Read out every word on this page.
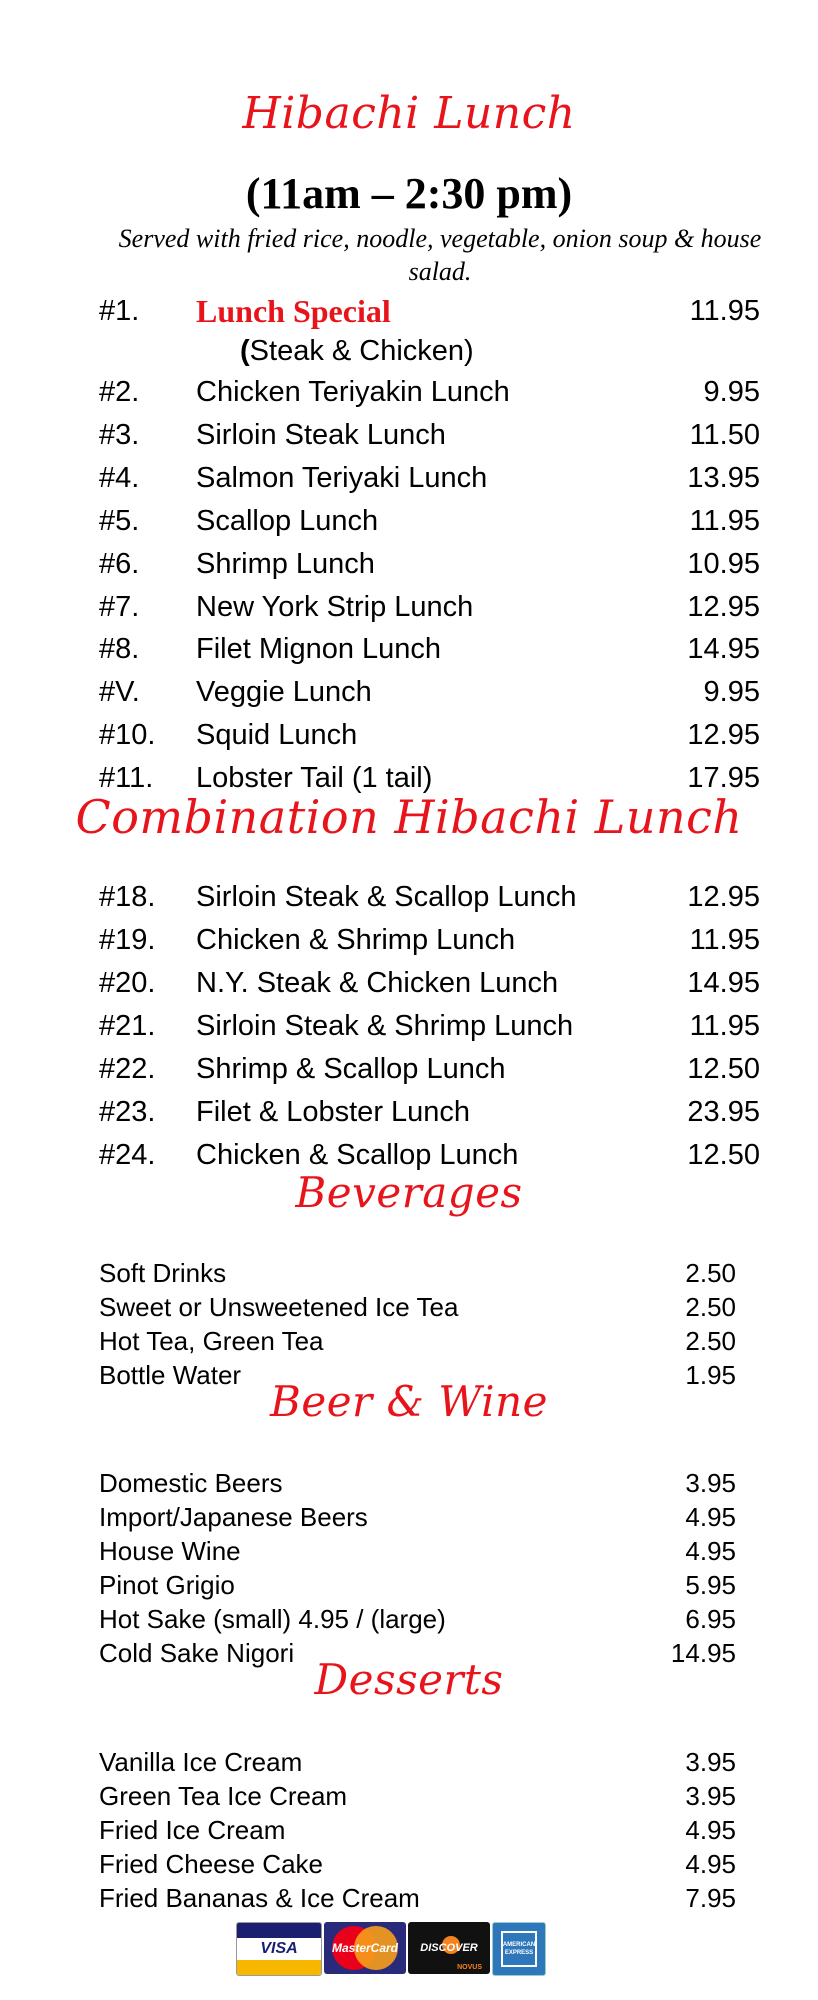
Hibachi Lunch
(11am – 2:30 pm)

Served with fried rice, noodle, vegetable, onion soup & house salad.

#1. Lunch Special	11.95
(Steak & Chicken)
#2. Chicken Teriyakin Lunch	9.95
#3. Sirloin Steak Lunch	11.50
#4. Salmon Teriyaki Lunch	13.95
#5. Scallop Lunch	11.95
#6. Shrimp Lunch	10.95
#7. New York Strip Lunch	12.95
#8. Filet Mignon Lunch	14.95
#V. Veggie Lunch	9.95
#10. Squid Lunch	12.95
#11. Lobster Tail (1 tail)	17.95
Combination Hibachi Lunch
#18. Sirloin Steak & Scallop Lunch	12.95
#19. Chicken & Shrimp Lunch	11.95
#20. N.Y. Steak & Chicken Lunch	14.95
#21. Sirloin Steak & Shrimp Lunch	11.95
#22. Shrimp & Scallop Lunch	12.50
#23. Filet & Lobster Lunch	23.95
#24. Chicken & Scallop Lunch	12.50
Beverages
Soft Drinks	2.50
Sweet or Unsweetened Ice Tea	2.50
Hot Tea, Green Tea	2.50
Bottle Water	1.95
Beer & Wine
Domestic Beers	3.95
Import/Japanese Beers	4.95
House Wine	4.95
Pinot Grigio	5.95
Hot Sake (small) 4.95 / (large)	6.95
Cold Sake Nigori	14.95
Desserts
Vanilla Ice Cream	3.95
Green Tea Ice Cream	3.95
Fried Ice Cream	4.95
Fried Cheese Cake	4.95
Fried Bananas & Ice Cream	7.95
VISA	MasterCard DISCOVER
NOVUS
AMERICAN EXPRESS
